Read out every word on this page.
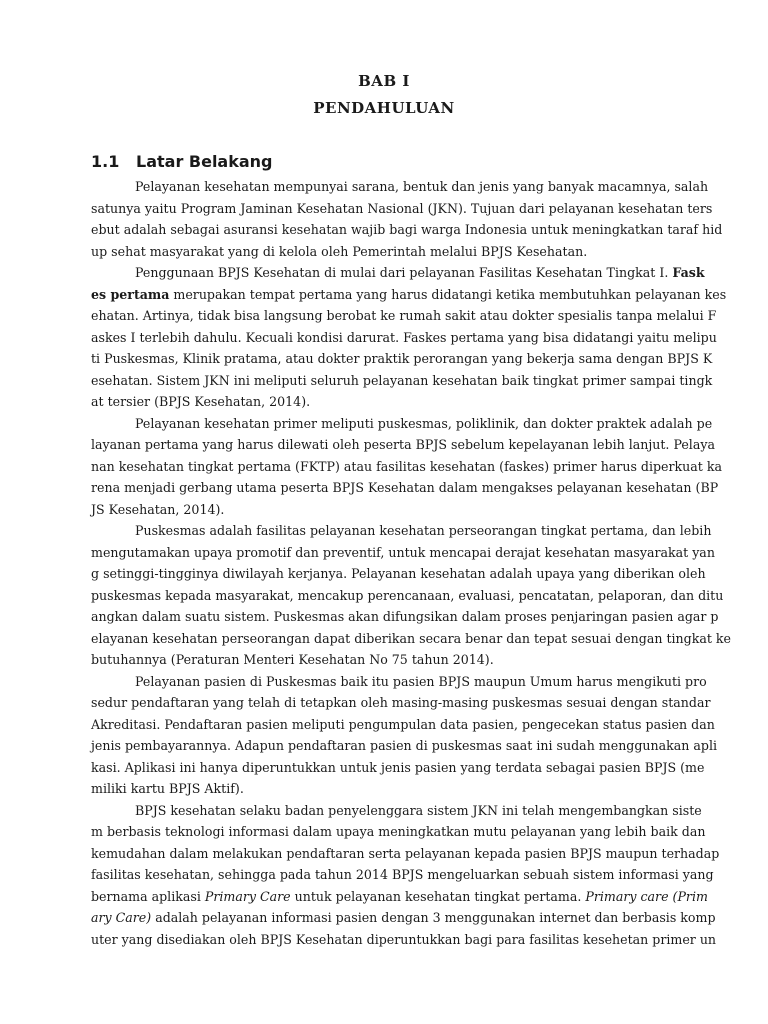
BAB I
PENDAHULUAN
1.1 Latar Belakang
Pelayanan kesehatan mempunyai sarana, bentuk dan jenis yang banyak macamnya, salah
satunya yaitu Program Jaminan Kesehatan Nasional (JKN). Tujuan dari pelayanan kesehatan ters
ebut adalah sebagai asuransi kesehatan wajib bagi warga Indonesia untuk meningkatkan taraf hid
up sehat masyarakat yang di kelola oleh Pemerintah melalui BPJS Kesehatan.
Penggunaan BPJS Kesehatan di mulai dari pelayanan Fasilitas Kesehatan Tingkat I. Fask
es pertama merupakan tempat pertama yang harus didatangi ketika membutuhkan pelayanan kes
ehatan. Artinya, tidak bisa langsung berobat ke rumah sakit atau dokter spesialis tanpa melalui F
askes I terlebih dahulu. Kecuali kondisi darurat. Faskes pertama yang bisa didatangi yaitu melipu
ti Puskesmas, Klinik pratama, atau dokter praktik perorangan yang bekerja sama dengan BPJS K
esehatan. Sistem JKN ini meliputi seluruh pelayanan kesehatan baik tingkat primer sampai tingk
at tersier (BPJS Kesehatan, 2014).
Pelayanan kesehatan primer meliputi puskesmas, poliklinik, dan dokter praktek adalah pe
layanan pertama yang harus dilewati oleh peserta BPJS sebelum kepelayanan lebih lanjut. Pelaya
nan kesehatan tingkat pertama (FKTP) atau fasilitas kesehatan (faskes) primer harus diperkuat ka
rena menjadi gerbang utama peserta BPJS Kesehatan dalam mengakses pelayanan kesehatan (BP
JS Kesehatan, 2014).
Puskesmas adalah fasilitas pelayanan kesehatan perseorangan tingkat pertama, dan lebih
mengutamakan upaya promotif dan preventif, untuk mencapai derajat kesehatan masyarakat yan
g setinggi-tingginya diwilayah kerjanya. Pelayanan kesehatan adalah upaya yang diberikan oleh
puskesmas kepada masyarakat, mencakup perencanaan, evaluasi, pencatatan, pelaporan, dan ditu
angkan dalam suatu sistem. Puskesmas akan difungsikan dalam proses penjaringan pasien agar p
elayanan kesehatan perseorangan dapat diberikan secara benar dan tepat sesuai dengan tingkat ke
butuhannya (Peraturan Menteri Kesehatan No 75 tahun 2014).
Pelayanan pasien di Puskesmas baik itu pasien BPJS maupun Umum harus mengikuti pro
sedur pendaftaran yang telah di tetapkan oleh masing-masing puskesmas sesuai dengan standar
Akreditasi. Pendaftaran pasien meliputi pengumpulan data pasien, pengecekan status pasien dan
jenis pembayarannya. Adapun pendaftaran pasien di puskesmas saat ini sudah menggunakan apli
kasi. Aplikasi ini hanya diperuntukkan untuk jenis pasien yang terdata sebagai pasien BPJS (me
miliki kartu BPJS Aktif).
BPJS kesehatan selaku badan penyelenggara sistem JKN ini telah mengembangkan siste
m berbasis teknologi informasi dalam upaya meningkatkan mutu pelayanan yang lebih baik dan
kemudahan dalam melakukan pendaftaran serta pelayanan kepada pasien BPJS maupun terhadap
fasilitas kesehatan, sehingga pada tahun 2014 BPJS mengeluarkan sebuah sistem informasi yang
bernama aplikasi Primary Care untuk pelayanan kesehatan tingkat pertama. Primary care (Prim
ary Care) adalah pelayanan informasi pasien dengan 3 menggunakan internet dan berbasis komp
uter yang disediakan oleh BPJS Kesehatan diperuntukkan bagi para fasilitas kesehetan primer un
